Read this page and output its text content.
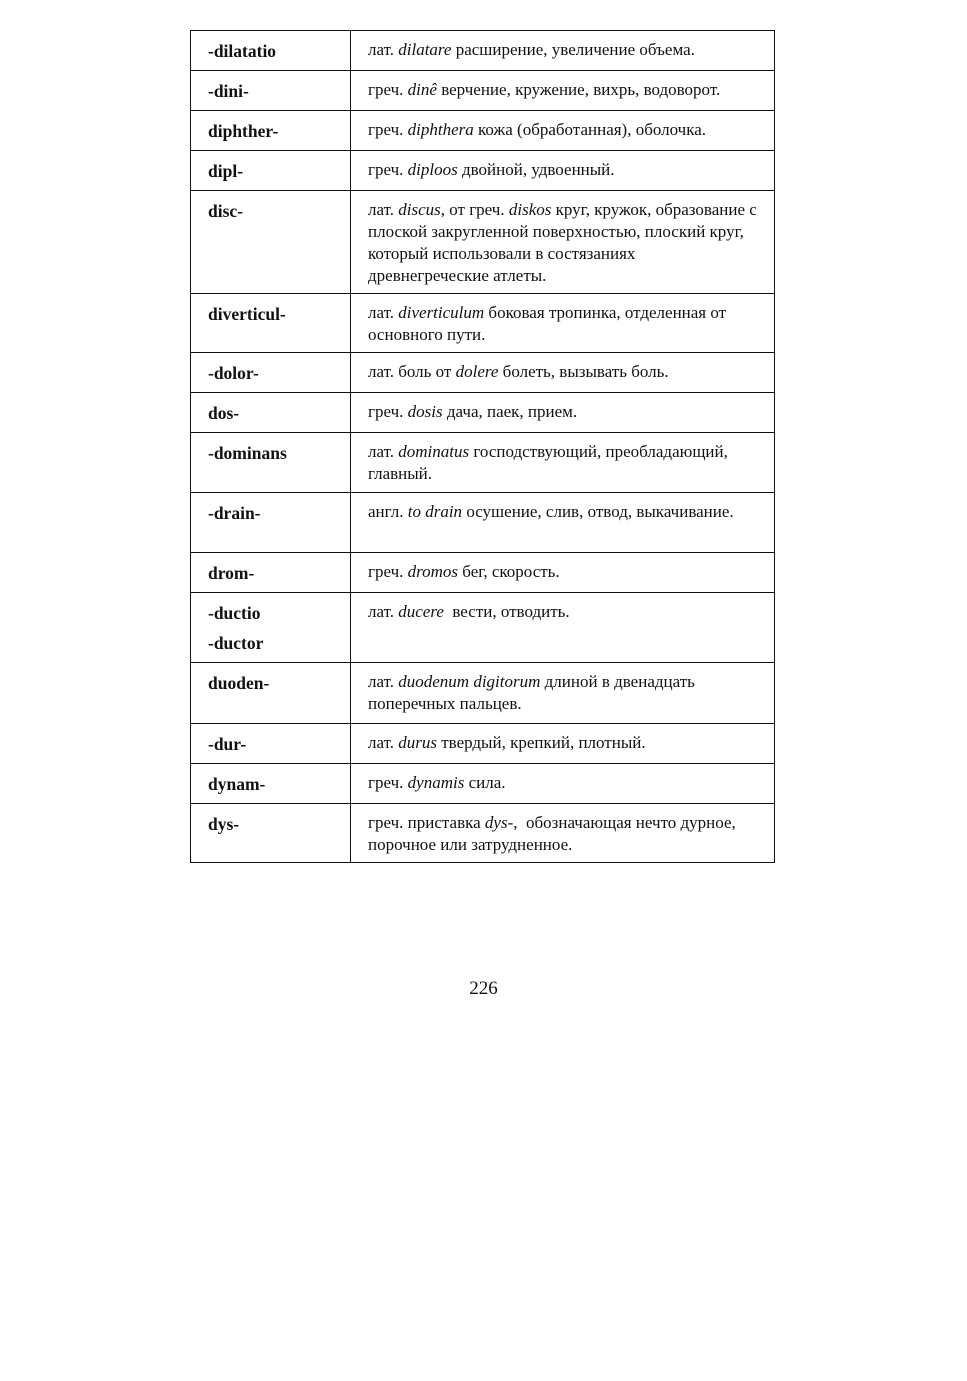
-dilatatio	лат. dilatare расширение, увеличение объема.

-dini-	греч. dinê верчение, кружение, вихрь, водоворот.

diphther-	греч. diphthera кожа (обработанная), оболочка.

dipl-	греч. diploos двойной, удвоенный.

disc-	лат. discus, от греч. diskos круг, кружок, образование с плоской закругленной поверхностью, плоский круг, который использовали в состязаниях древнегреческие атлеты.

diverticul-	лат. diverticulum боковая тропинка, отделенная от основного пути.

-dolor-	лат. боль от dolere болеть, вызывать боль.

dos-	греч. dosis дача, паек, прием.

-dominans	лат. dominatus господствующий, преобладающий, главный.

-drain-	англ. to drain осушение, слив, отвод, выкачивание.

drom-	греч. dromos бег, скорость.

-ductio
-ductor	лат. ducere  вести, отводить.

duoden-	лат. duodenum digitorum длиной в двенадцать поперечных пальцев.

-dur-	лат. durus твердый, крепкий, плотный.

dynam-	греч. dynamis сила.

dys-	греч. приставка dys-,  обозначающая нечто дурное, порочное или затрудненное.
226
